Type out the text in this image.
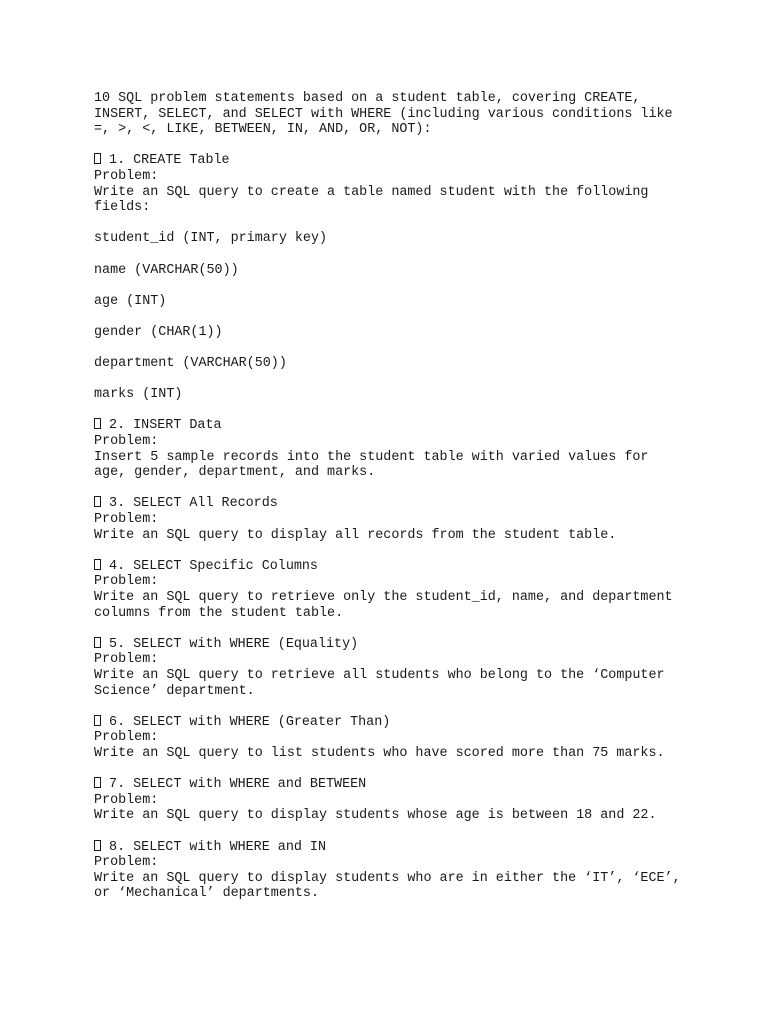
10 SQL problem statements based on a student table, covering CREATE,
INSERT, SELECT, and SELECT with WHERE (including various conditions like
=, >, <, LIKE, BETWEEN, IN, AND, OR, NOT):
1. CREATE Table
Problem:
Write an SQL query to create a table named student with the following
fields:
student_id (INT, primary key)
name (VARCHAR(50))
age (INT)
gender (CHAR(1))
department (VARCHAR(50))
marks (INT)
2. INSERT Data
Problem:
Insert 5 sample records into the student table with varied values for
age, gender, department, and marks.
3. SELECT All Records
Problem:
Write an SQL query to display all records from the student table.
4. SELECT Specific Columns
Problem:
Write an SQL query to retrieve only the student_id, name, and department
columns from the student table.
5. SELECT with WHERE (Equality)
Problem:
Write an SQL query to retrieve all students who belong to the ‘Computer
Science’ department.
6. SELECT with WHERE (Greater Than)
Problem:
Write an SQL query to list students who have scored more than 75 marks.
7. SELECT with WHERE and BETWEEN
Problem:
Write an SQL query to display students whose age is between 18 and 22.
8. SELECT with WHERE and IN
Problem:
Write an SQL query to display students who are in either the ‘IT’, ‘ECE’,
or ‘Mechanical’ departments.
